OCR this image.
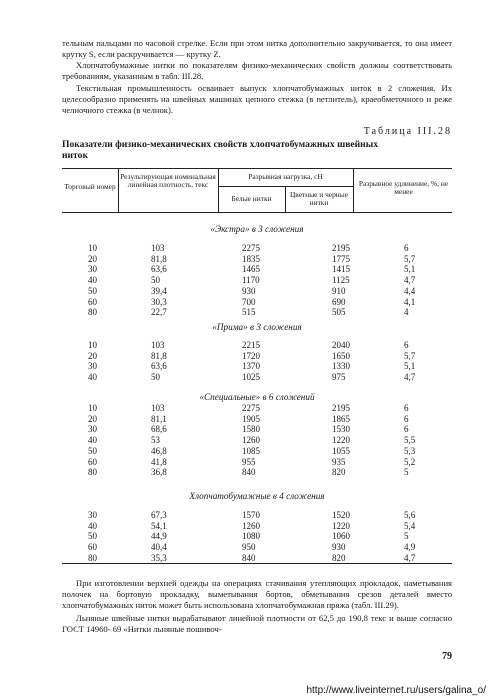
тельным пальцами по часовой стрелке. Если при этом нитка дополнительно закручивается, то она имеет крутку S, если раскручивается — крутку Z.

Хлопчатобумажные нитки по показателям физико-механических свойств должны соответствовать требованиям, указанным в табл. III.28.

Текстильная промышленность осваивает выпуск хлопчатобумажных ниток в 2 сложения. Их целесообразно применять на швейных машинах цепного стежка (в петлитель), краеобметочного и реже челночного стежка (в челнок).

Таблица III.28
Показатели физико-механических свойств хлопчатобумажных швейных ниток
Торговый номер
Результирующая номинальная линейная плотность, текс
Разрывная нагрузка, сН
Белые нитки	Цветные и черные нитки
Разрывное удлинение, %, не менее
«Экстра» в 3 сложения
10	103	2275	2195	6
20	81,8	1835	1775	5,7
30	63,6	1465	1415	5,1
40	50	1170	1125	4,7
50	39,4	930	910	4,4
60	30,3	700	690	4,1
80	22,7	515	505	4
«Прима» в 3 сложения
10	103	2215	2040	6
20	81,8	1720	1650	5,7
30	63,6	1370	1330	5,1
40	50	1025	975	4,7
«Специальные» в 6 сложений
10	103	2275	2195	6
20	81,1	1905	1865	6
30	68,6	1580	1530	6
40	53	1260	1220	5,5
50	46,8	1085	1055	5,3
60	41,8	955	935	5,2
80	36,8	840	820	5
Хлопчатобумажные в 4 сложения
30	67,3	1570	1520	5,6
40	54,1	1260	1220	5,4
50	44,9	1080	1060	5
60	40,4	950	930	4,9
80	35,3	840	820	4,7

При изготовлении верхней одежды на операциях стачивания утепляющих прокладок, наметывания полочек на бортовую прокладку, выметывания бортов, обметывания срезов деталей вместо хлопчатобумажных ниток может быть использована хлопчатобумажная пряжа (табл. III.29).

Льняные швейные нитки вырабатывают линейной плотности от 62,5 до 190,8 текс и выше согласно ГОСТ 14960- 69 «Нитки льняные пошивоч-

79
http://www.liveinternet.ru/users/galina_o/
